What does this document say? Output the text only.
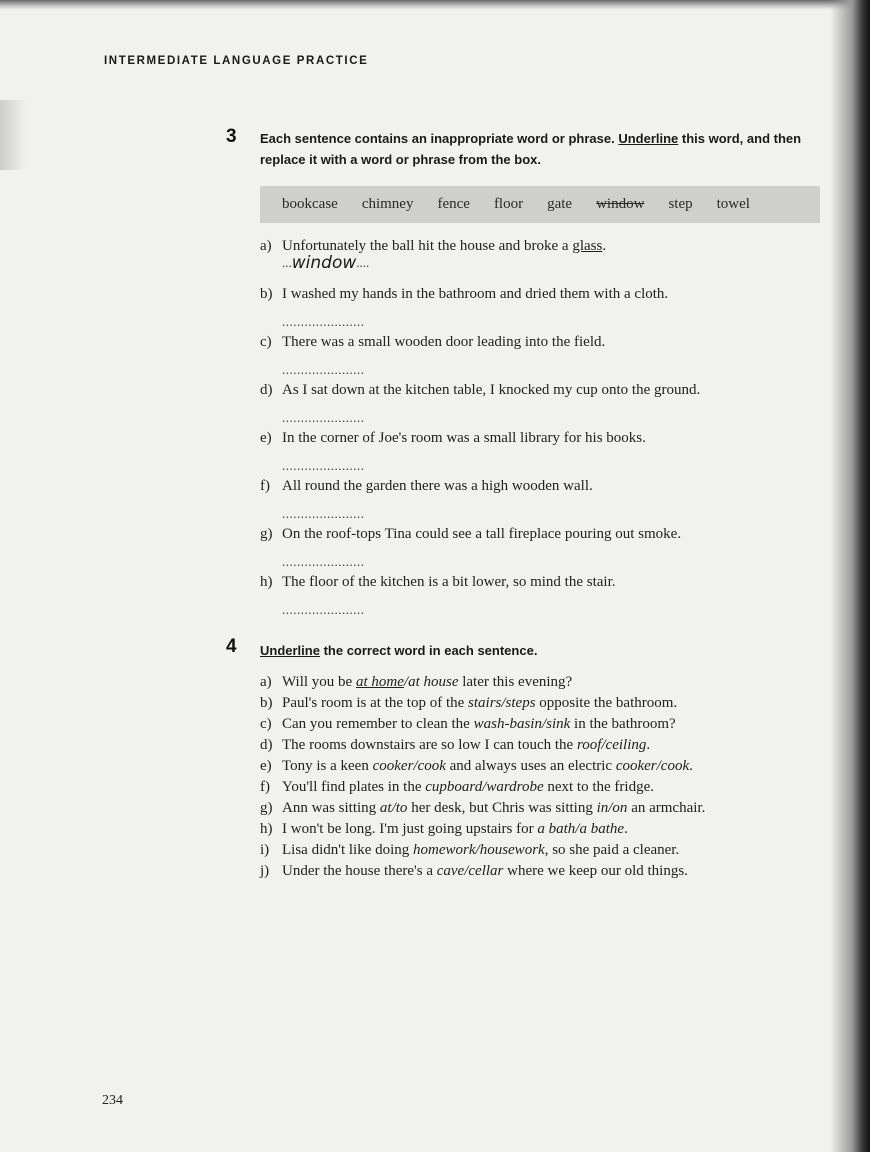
INTERMEDIATE LANGUAGE PRACTICE
3 Each sentence contains an inappropriate word or phrase. Underline this word, and then replace it with a word or phrase from the box.
bookcase chimney fence floor gate window step towel
a) Unfortunately the ball hit the house and broke a glass.
...window....
b) I washed my hands in the bathroom and dried them with a cloth.
......................
c) There was a small wooden door leading into the field.
......................
d) As I sat down at the kitchen table, I knocked my cup onto the ground.
......................
e) In the corner of Joe's room was a small library for his books.
......................
f) All round the garden there was a high wooden wall.
......................
g) On the roof-tops Tina could see a tall fireplace pouring out smoke.
......................
h) The floor of the kitchen is a bit lower, so mind the stair.
......................
4 Underline the correct word in each sentence.
a) Will you be at home/at house later this evening?
b) Paul's room is at the top of the stairs/steps opposite the bathroom.
c) Can you remember to clean the wash-basin/sink in the bathroom?
d) The rooms downstairs are so low I can touch the roof/ceiling.
e) Tony is a keen cooker/cook and always uses an electric cooker/cook.
f) You'll find plates in the cupboard/wardrobe next to the fridge.
g) Ann was sitting at/to her desk, but Chris was sitting in/on an armchair.
h) I won't be long. I'm just going upstairs for a bath/a bathe.
i) Lisa didn't like doing homework/housework, so she paid a cleaner.
j) Under the house there's a cave/cellar where we keep our old things.
234
